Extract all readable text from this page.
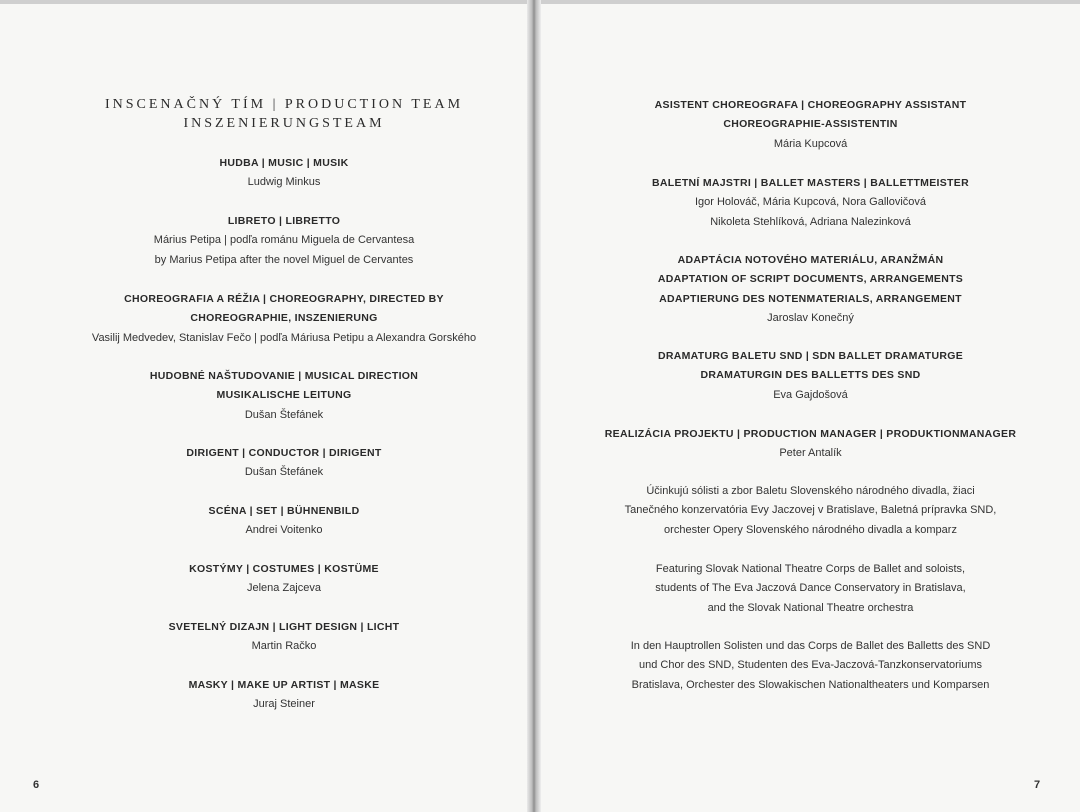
INSCENAČNÝ TÍM | PRODUCTION TEAM
INSZENIERUNGSTEAM
HUDBA | MUSIC | MUSIK
Ludwig Minkus
LIBRETO | LIBRETTO
Márius Petipa | podľa románu Miguela de Cervantesa
by Marius Petipa after the novel Miguel de Cervantes
CHOREOGRAFIA A RÉŽIA | CHOREOGRAPHY, DIRECTED BY
CHOREOGRAPHIE, INSZENIERUNG
Vasilij Medvedev, Stanislav Fečo | podľa Máriusa Petipu a Alexandra Gorského
HUDOBNÉ NAŠTUDOVANIE | MUSICAL DIRECTION
MUSIKALISCHE LEITUNG
Dušan Štefánek
DIRIGENT | CONDUCTOR | DIRIGENT
Dušan Štefánek
SCÉNA | SET | BÜHNENBILD
Andrei Voitenko
KOSTÝMY | COSTUMES | KOSTÜME
Jelena Zajceva
SVETELNÝ DIZAJN | LIGHT DESIGN | LICHT
Martin Račko
MASKY | MAKE UP ARTIST | MASKE
Juraj Steiner
6
ASISTENT CHOREOGRAFA | CHOREOGRAPHY ASSISTANT
CHOREOGRAPHIE-ASSISTENTIN
Mária Kupcová
BALETNÍ MAJSTRI | BALLET MASTERS | BALLETTMEISTER
Igor Holováč, Mária Kupcová, Nora Gallovičová
Nikoleta Stehlíková, Adriana Nalezinková
ADAPTÁCIA NOTOVÉHO MATERIÁLU, ARANŽMÁN
ADAPTATION OF SCRIPT DOCUMENTS, ARRANGEMENTS
ADAPTIERUNG DES NOTENMATERIALS, ARRANGEMENT
Jaroslav Konečný
DRAMATURG BALETU SND | SDN BALLET DRAMATURGE
DRAMATURGIN DES BALLETTS DES SND
Eva Gajdošová
REALIZÁCIA PROJEKTU | PRODUCTION MANAGER | PRODUKTIONMANAGER
Peter Antalík
Účinkujú sólisti a zbor Baletu Slovenského národného divadla, žiaci
Tanečného konzervatória Evy Jaczovej v Bratislave, Baletná prípravka SND,
orchester Opery Slovenského národného divadla a komparz
Featuring Slovak National Theatre Corps de Ballet and soloists,
students of The Eva Jaczová Dance Conservatory in Bratislava,
and the Slovak National Theatre orchestra
In den Hauptrollen Solisten und das Corps de Ballet des Balletts des SND
und Chor des SND, Studenten des Eva-Jaczová-Tanzkonservatoriums
Bratislava, Orchester des Slowakischen Nationaltheaters und Komparsen
7
